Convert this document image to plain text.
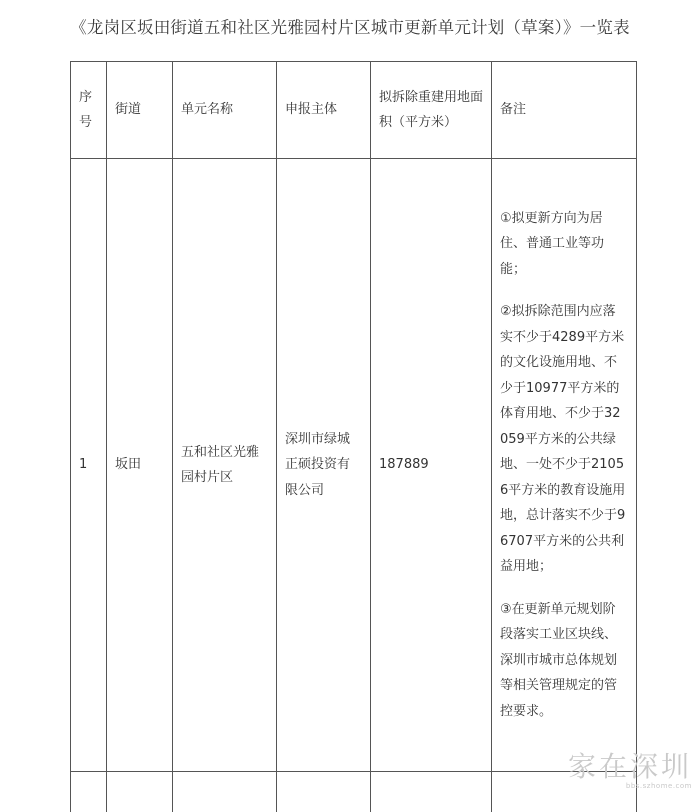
《龙岗区坂田街道五和社区光雅园村片区城市更新单元计划（草案）》一览表
序号	街道	单元名称	申报主体	拟拆除重建用地面积（平方米）	备注
1	坂田	五和社区光雅园村片区	深圳市绿城正硕投资有限公司	187889	①拟更新方向为居住、普通工业等功能；

②拟拆除范围内应落实不少于4289平方米的文化设施用地、不少于10977平方米的体育用地、不少于32059平方米的公共绿地、一处不少于21056平方米的教育设施用地，总计落实不少于96707平方米的公共利益用地；

③在更新单元规划阶段落实工业区块线、深圳市城市总体规划等相关管理规定的管控要求。

家在深圳
bbs.szhome.com
